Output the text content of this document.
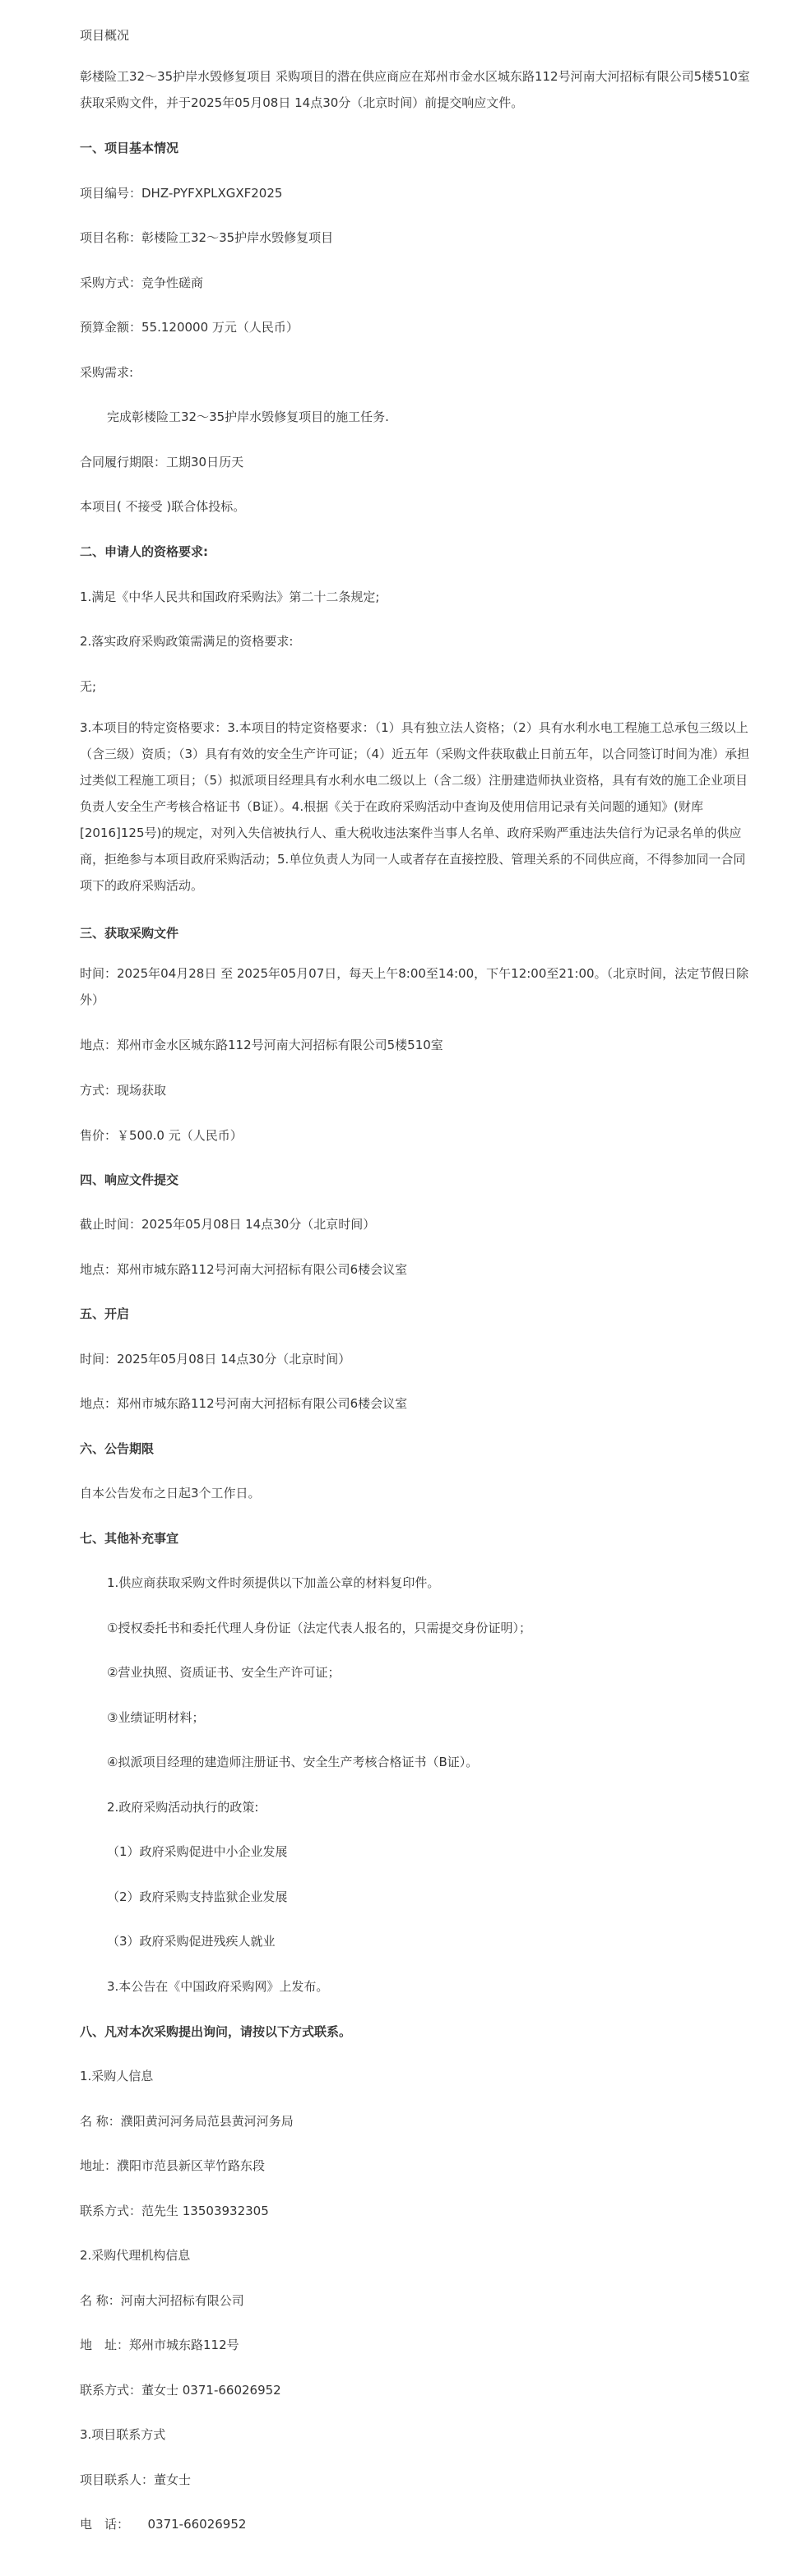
项目概况
彰楼险工32～35护岸水毁修复项目 采购项目的潜在供应商应在郑州市金水区城东路112号河南大河招标有限公司5楼510室获取采购文件，并于2025年05月08日 14点30分（北京时间）前提交响应文件。
一、项目基本情况
项目编号：DHZ-PYFXPLXGXF2025
项目名称：彰楼险工32～35护岸水毁修复项目
采购方式：竞争性磋商
预算金额：55.120000 万元（人民币）
采购需求:
完成彰楼险工32～35护岸水毁修复项目的施工任务.
合同履行期限：工期30日历天
本项目( 不接受 )联合体投标。
二、申请人的资格要求:
1.满足《中华人民共和国政府采购法》第二十二条规定;
2.落实政府采购政策需满足的资格要求:
无;
3.本项目的特定资格要求：3.本项目的特定资格要求：（1）具有独立法人资格；（2）具有水利水电工程施工总承包三级以上（含三级）资质；（3）具有有效的安全生产许可证；（4）近五年（采购文件获取截止日前五年，以合同签订时间为准）承担过类似工程施工项目；（5）拟派项目经理具有水利水电二级以上（含二级）注册建造师执业资格，具有有效的施工企业项目负责人安全生产考核合格证书（B证）。4.根据《关于在政府采购活动中查询及使用信用记录有关问题的通知》(财库[2016]125号)的规定，对列入失信被执行人、重大税收违法案件当事人名单、政府采购严重违法失信行为记录名单的供应商，拒绝参与本项目政府采购活动；5.单位负责人为同一人或者存在直接控股、管理关系的不同供应商，不得参加同一合同项下的政府采购活动。
三、获取采购文件
时间：2025年04月28日 至 2025年05月07日，每天上午8:00至14:00，下午12:00至21:00。（北京时间，法定节假日除外）
地点：郑州市金水区城东路112号河南大河招标有限公司5楼510室
方式：现场获取
售价：￥500.0 元（人民币）
四、响应文件提交
截止时间：2025年05月08日 14点30分（北京时间）
地点：郑州市城东路112号河南大河招标有限公司6楼会议室
五、开启
时间：2025年05月08日 14点30分（北京时间）
地点：郑州市城东路112号河南大河招标有限公司6楼会议室
六、公告期限
自本公告发布之日起3个工作日。
七、其他补充事宜
1.供应商获取采购文件时须提供以下加盖公章的材料复印件。
①授权委托书和委托代理人身份证（法定代表人报名的，只需提交身份证明）；
②营业执照、资质证书、安全生产许可证；
③业绩证明材料；
④拟派项目经理的建造师注册证书、安全生产考核合格证书（B证）。
2.政府采购活动执行的政策:
（1）政府采购促进中小企业发展
（2）政府采购支持监狱企业发展
（3）政府采购促进残疾人就业
3.本公告在《中国政府采购网》上发布。
八、凡对本次采购提出询问，请按以下方式联系。
1.采购人信息
名 称：濮阳黄河河务局范县黄河河务局
地址：濮阳市范县新区苹竹路东段
联系方式：范先生 13503932305
2.采购代理机构信息
名 称：河南大河招标有限公司
地　址：郑州市城东路112号
联系方式：董女士 0371-66026952
3.项目联系方式
项目联系人：董女士
电　话：　　0371-66026952
